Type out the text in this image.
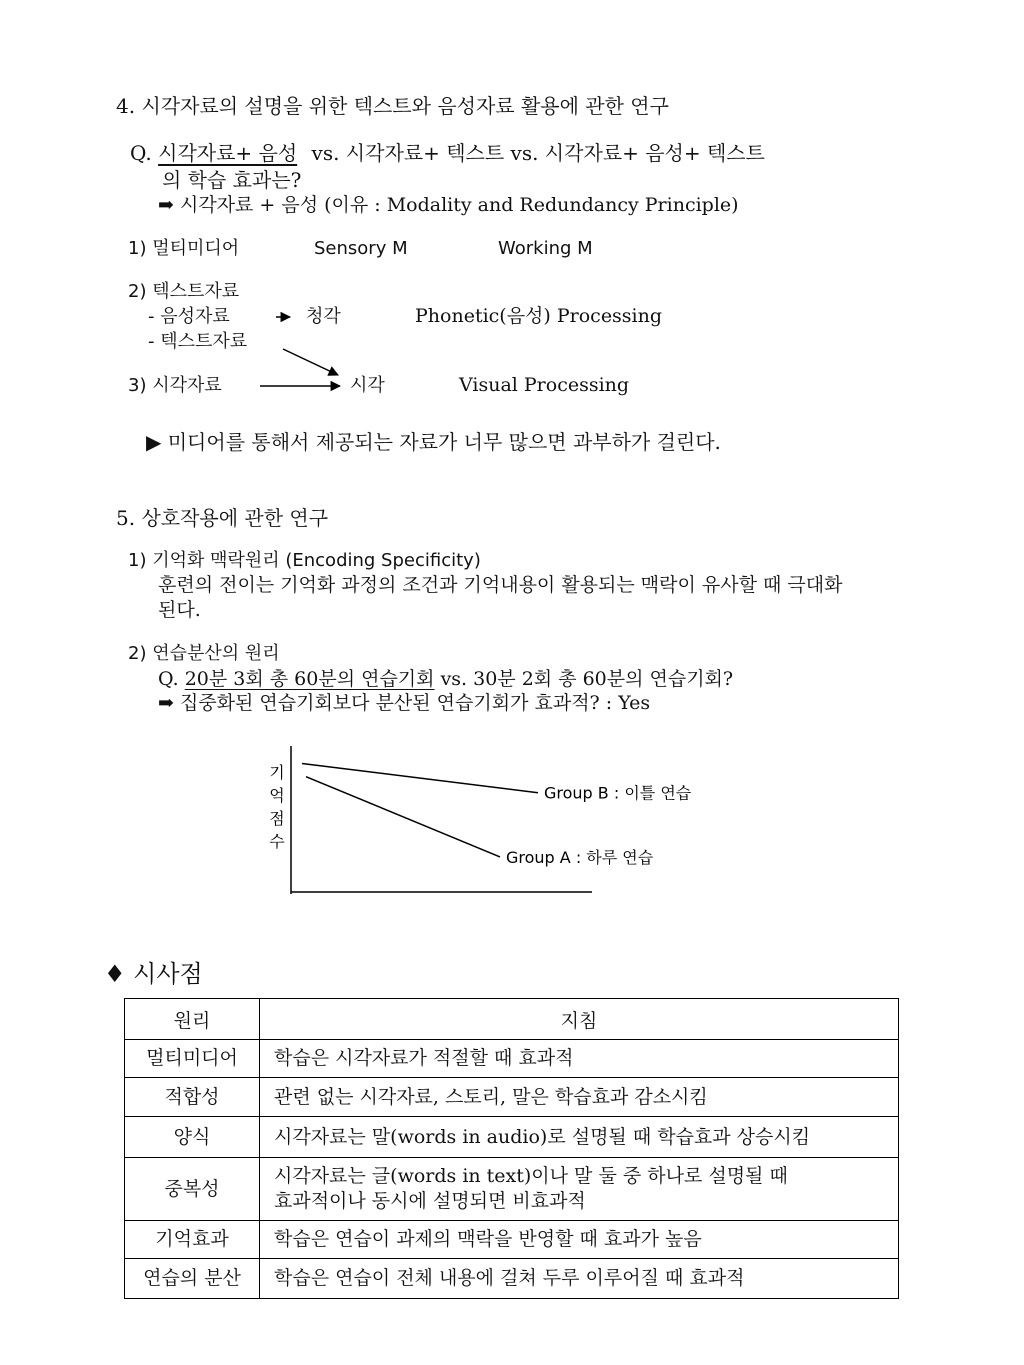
4. 시각자료의 설명을 위한 텍스트와 음성자료 활용에 관한 연구
Q. 시각자료+ 음성 vs. 시각자료+ 텍스트 vs. 시각자료+ 음성+ 텍스트
의 학습 효과는?
➡ 시각자료 + 음성 (이유 : Modality and Redundancy Principle)
1) 멀티미디어	Sensory M	Working M
2) 텍스트자료
- 음성자료	청각	Phonetic(음성) Processing
- 텍스트자료
3) 시각자료	시각	Visual Processing
▶ 미디어를 통해서 제공되는 자료가 너무 많으면 과부하가 걸린다.
5. 상호작용에 관한 연구
1) 기억화 맥락원리 (Encoding Specificity)
훈련의 전이는 기억화 과정의 조건과 기억내용이 활용되는 맥락이 유사할 때 극대화
된다.
2) 연습분산의 원리
Q. 20분 3회 총 60분의 연습기회 vs. 30분 2회 총 60분의 연습기회?
➡ 집중화된 연습기회보다 분산된 연습기회가 효과적? : Yes
기
억
점
수
Group B : 이틀 연습
Group A : 하루 연습
♦ 시사점
원리	지침
멀티미디어	학습은 시각자료가 적절할 때 효과적

적합성	관련 없는 시각자료, 스토리, 말은 학습효과 감소시킴

양식	시각자료는 말(words in audio)로 설명될 때 학습효과 상승시킴

중복성	시각자료는 글(words in text)이나 말 둘 중 하나로 설명될 때
효과적이나 동시에 설명되면 비효과적

기억효과	학습은 연습이 과제의 맥락을 반영할 때 효과가 높음

연습의 분산	학습은 연습이 전체 내용에 걸쳐 두루 이루어질 때 효과적
